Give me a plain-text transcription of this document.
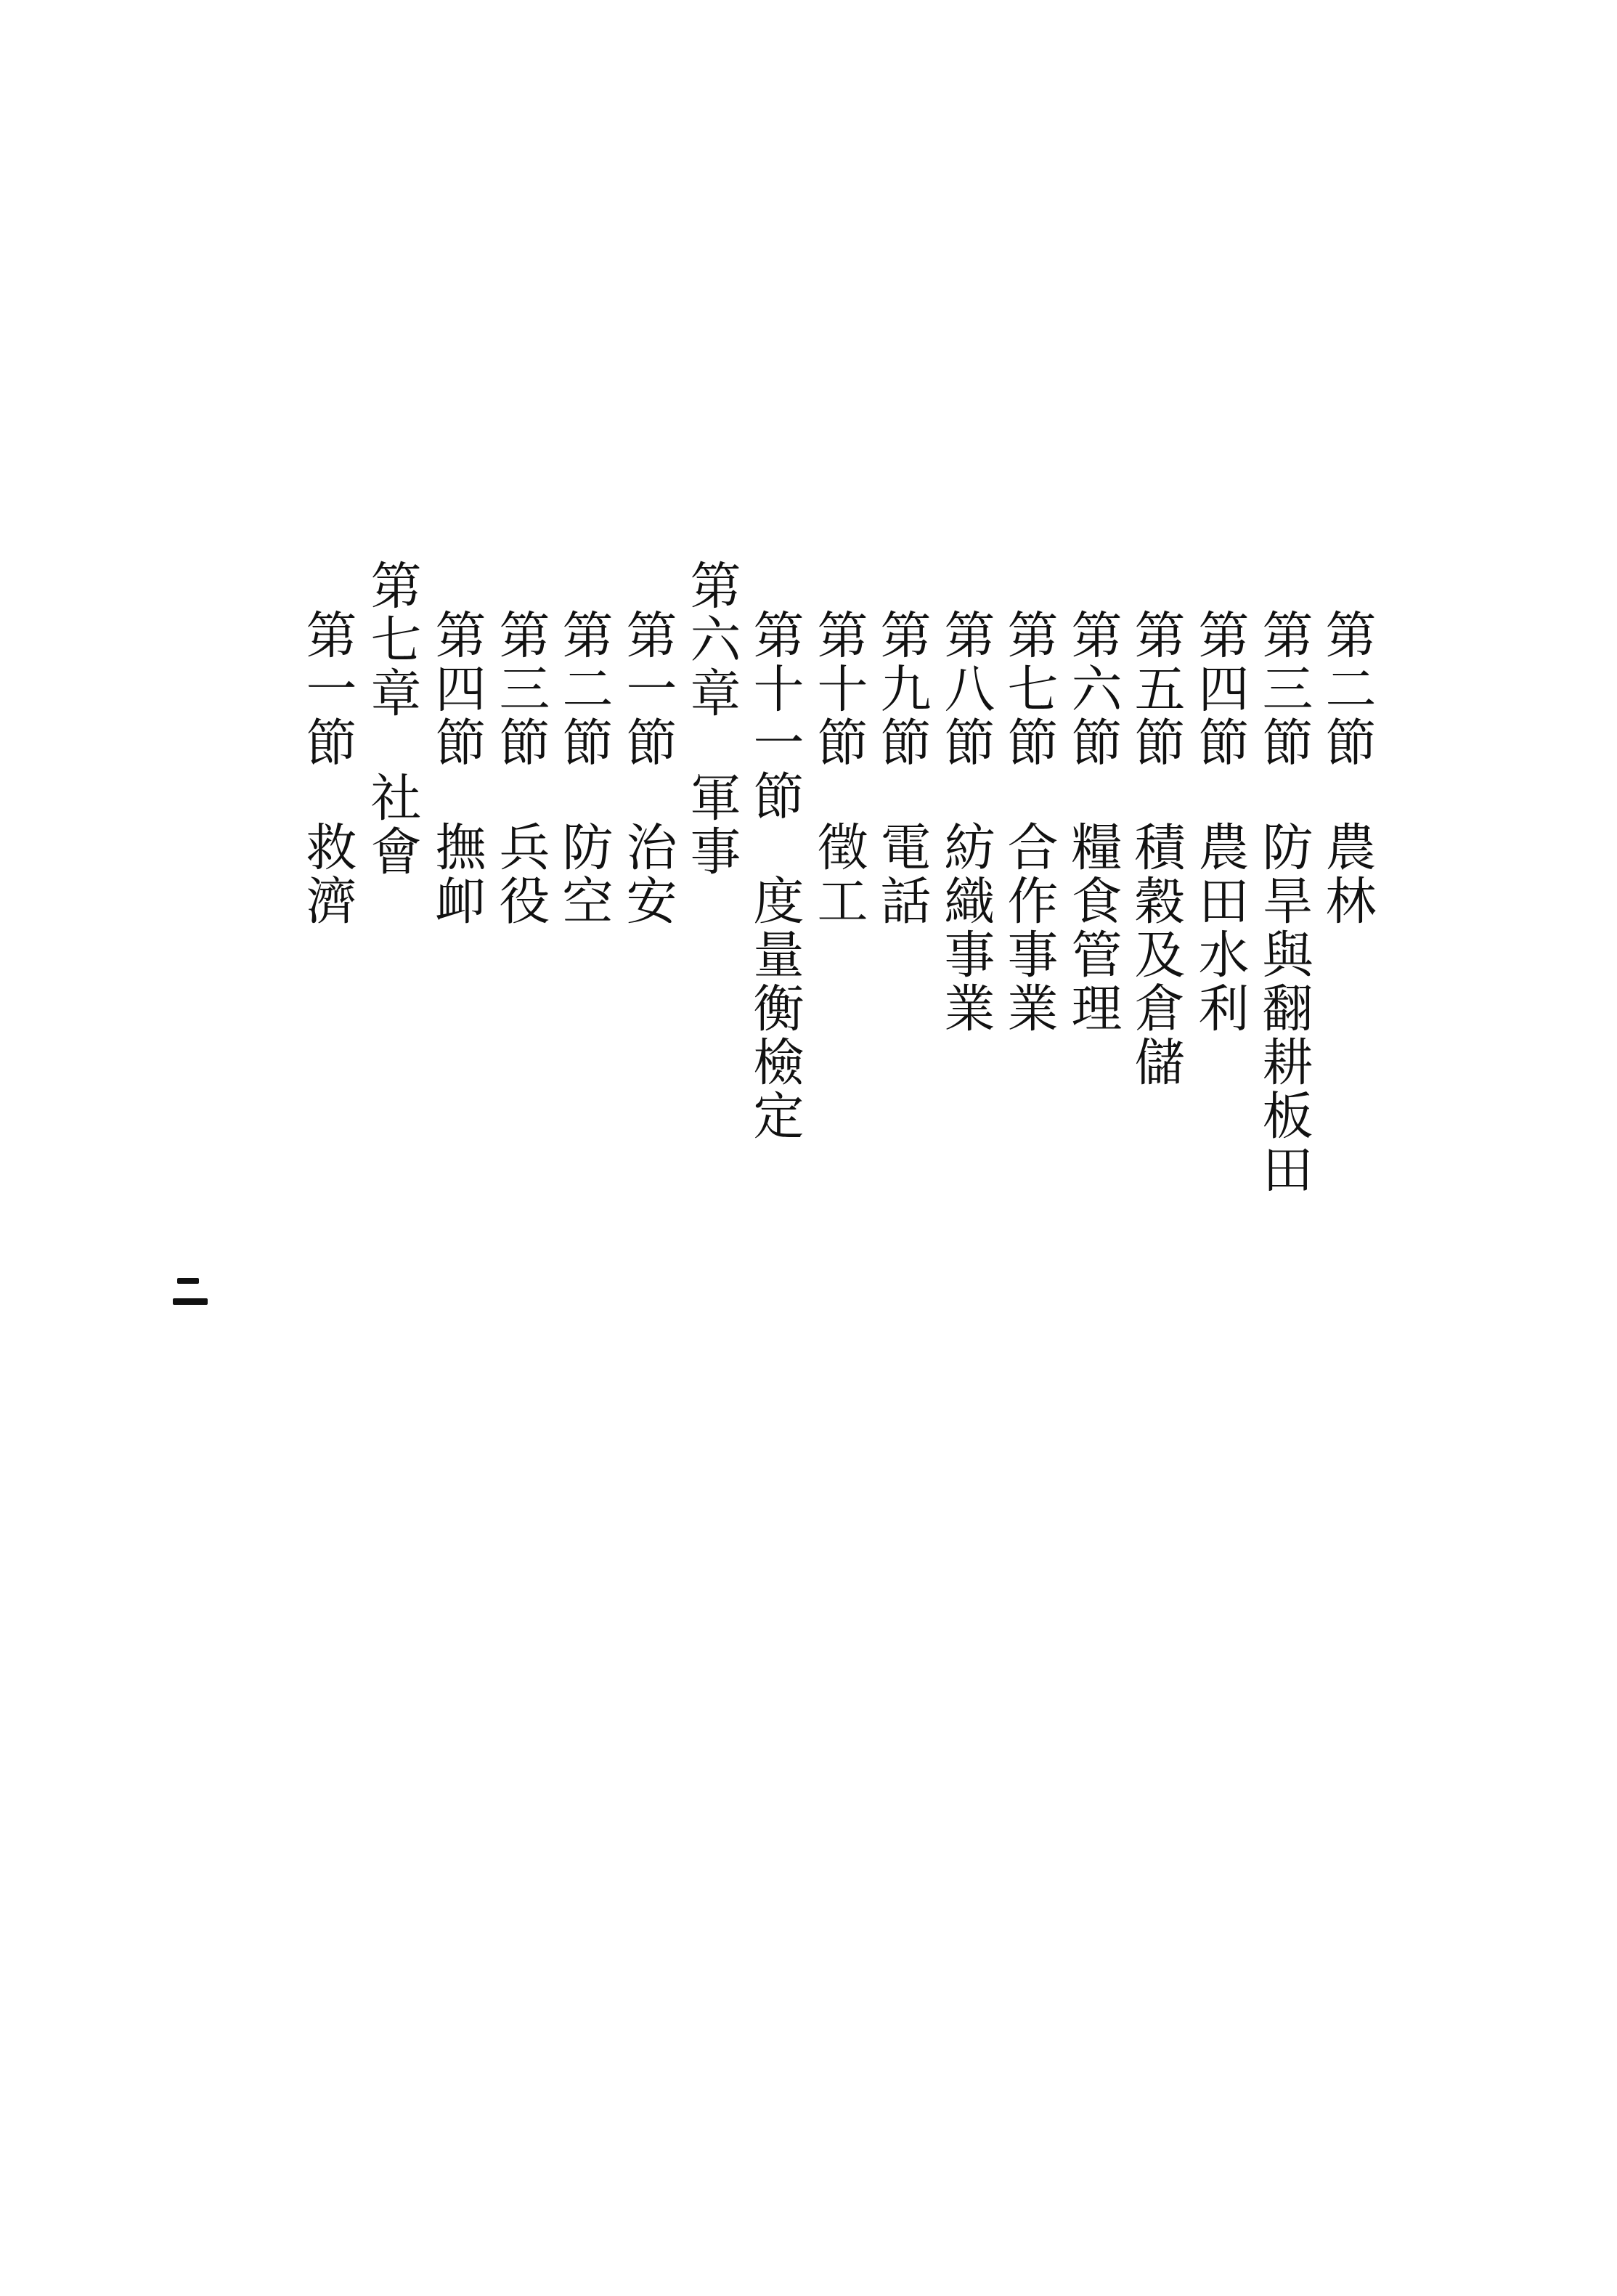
第二節農林
第三節防旱與翻耕板田
第四節農田水利
第五節積穀及倉儲
第六節糧食管理
第七節合作事業
第八節紡織事業
第九節電話
第十節徵工
第十一節度量衡檢定
第六章軍事
第一節治安
第二節防空
第三節兵役
第四節撫卹
第七章社會
第一節救濟
